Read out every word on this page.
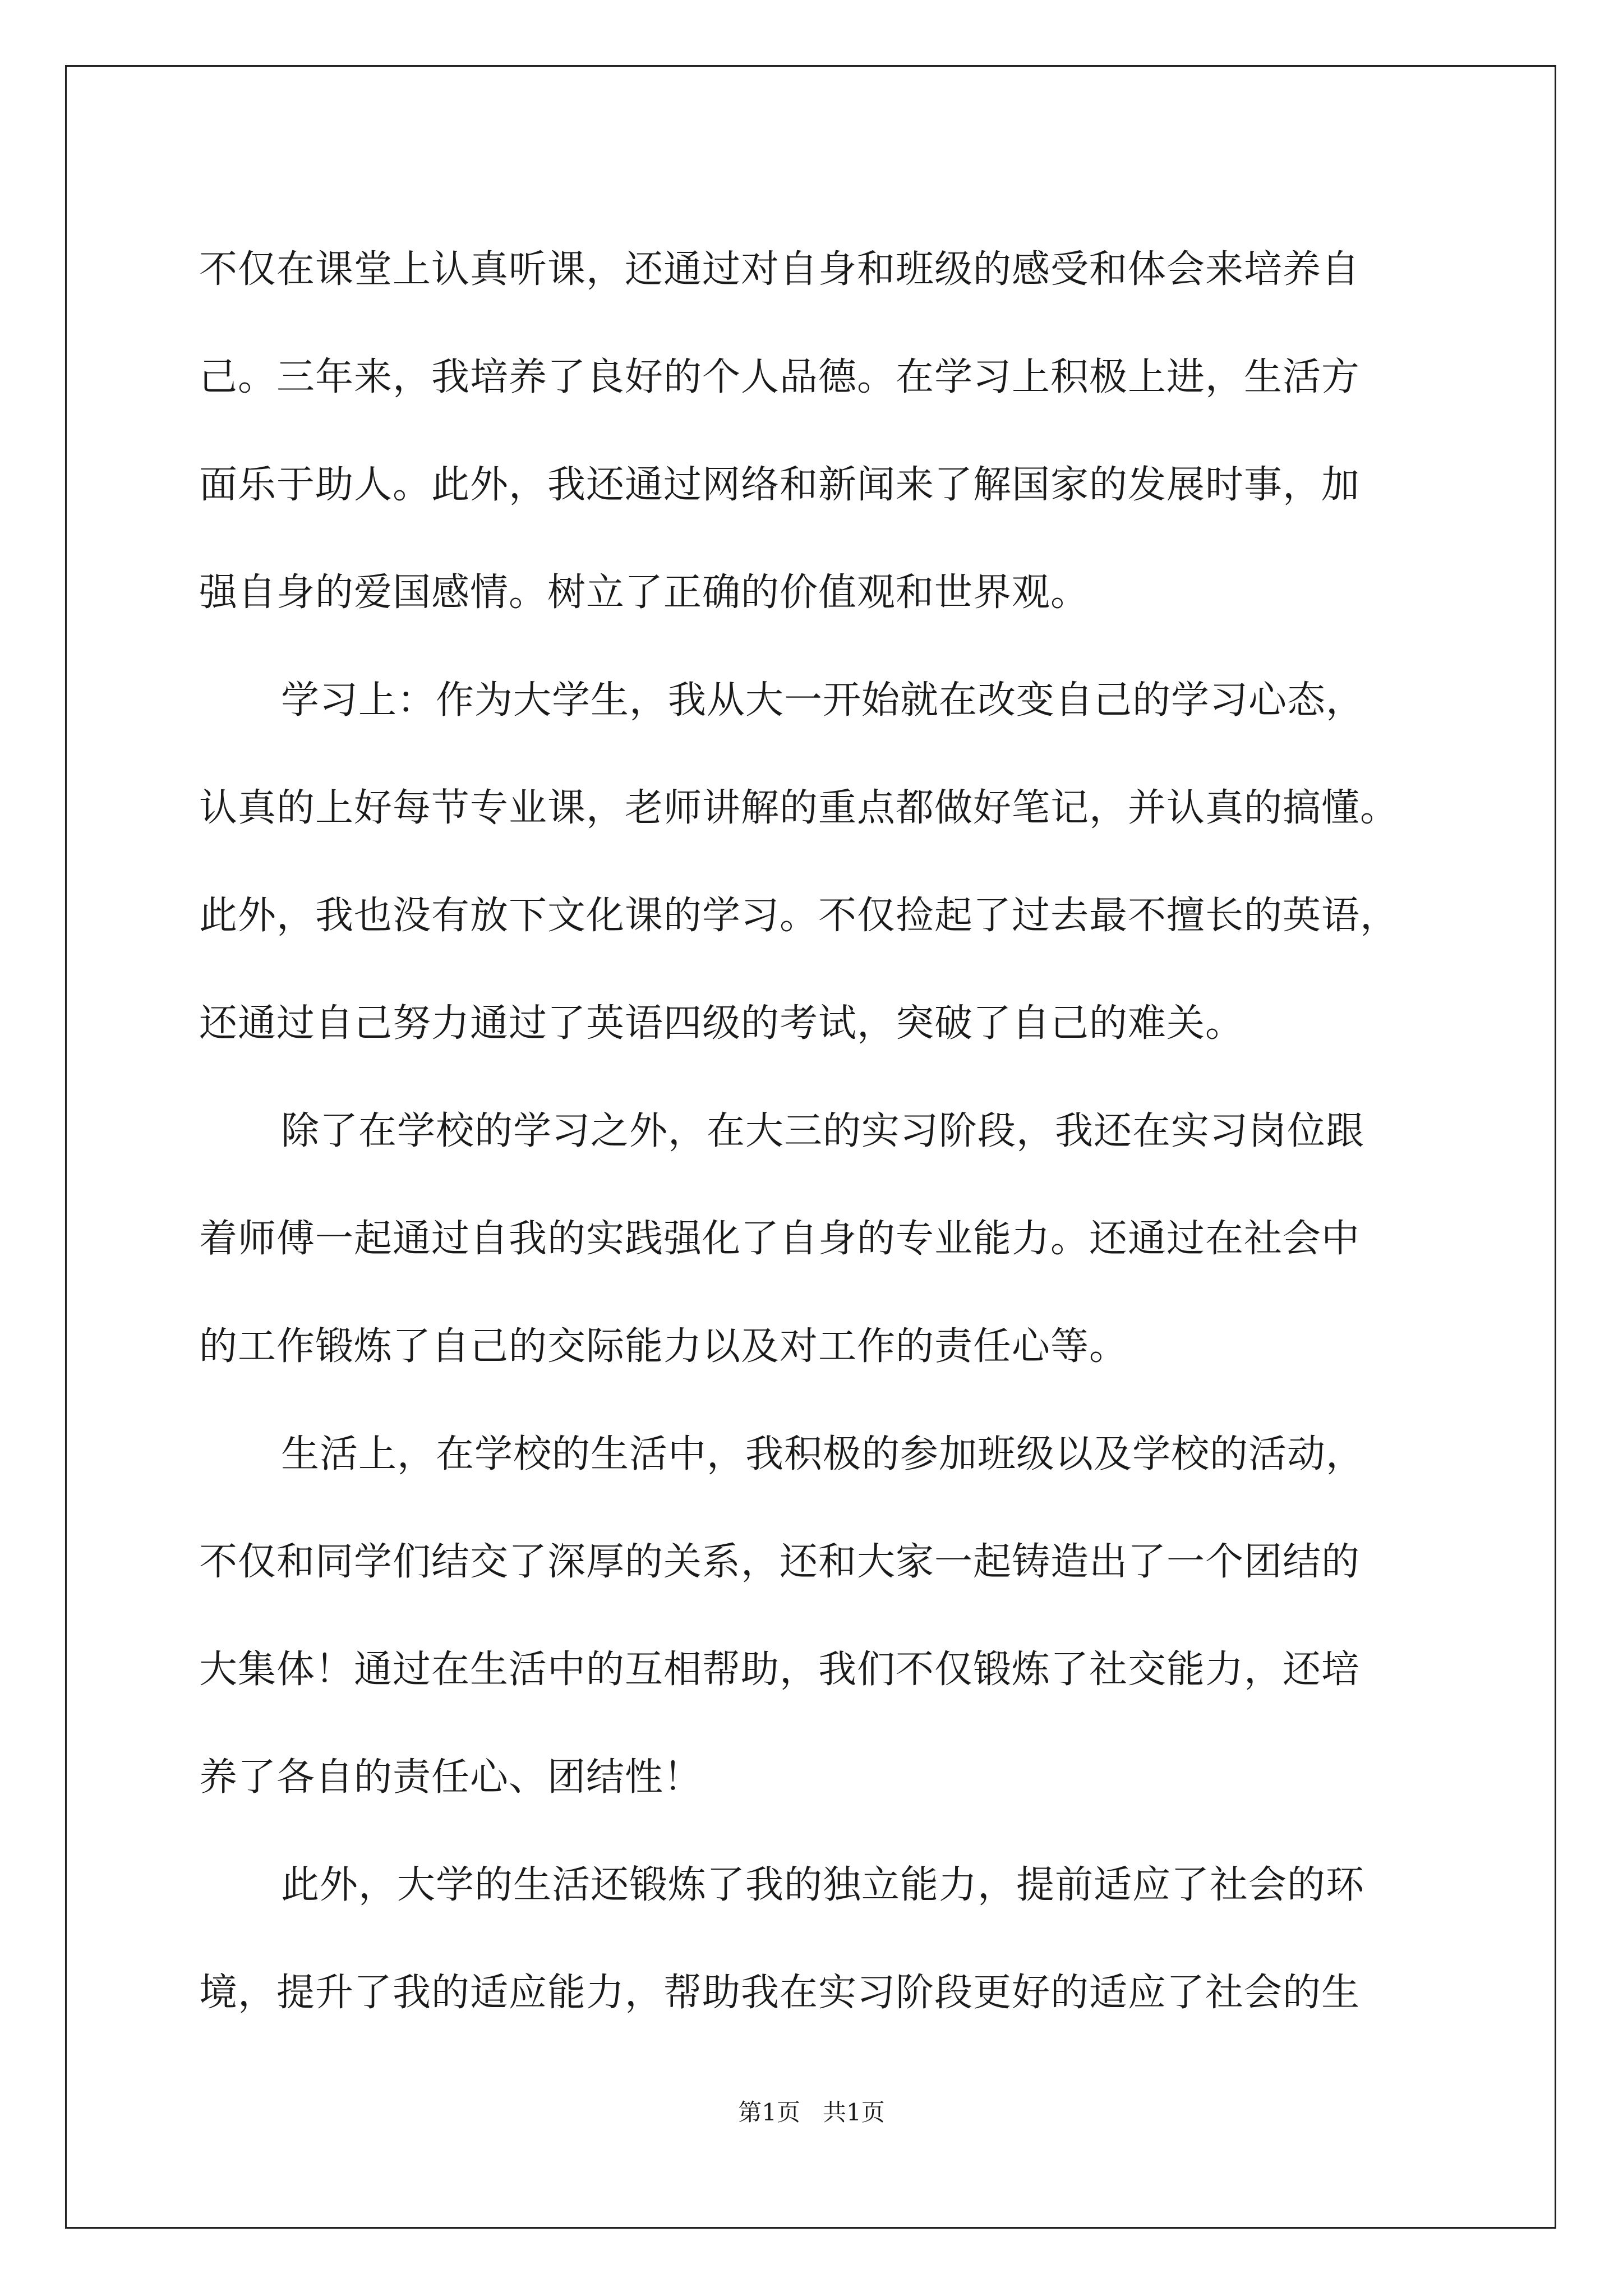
不仅在课堂上认真听课，还通过对自身和班级的感受和体会来培养自
己。三年来，我培养了良好的个人品德。在学习上积极上进，生活方
面乐于助人。此外，我还通过网络和新闻来了解国家的发展时事，加
强自身的爱国感情。树立了正确的价值观和世界观。
学习上：作为大学生，我从大一开始就在改变自己的学习心态，
认真的上好每节专业课，老师讲解的重点都做好笔记，并认真的搞懂。
此外，我也没有放下文化课的学习。不仅捡起了过去最不擅长的英语，
还通过自己努力通过了英语四级的考试，突破了自己的难关。
除了在学校的学习之外，在大三的实习阶段，我还在实习岗位跟
着师傅一起通过自我的实践强化了自身的专业能力。还通过在社会中
的工作锻炼了自己的交际能力以及对工作的责任心等。
生活上，在学校的生活中，我积极的参加班级以及学校的活动，
不仅和同学们结交了深厚的关系，还和大家一起铸造出了一个团结的
大集体！通过在生活中的互相帮助，我们不仅锻炼了社交能力，还培
养了各自的责任心、团结性！
此外，大学的生活还锻炼了我的独立能力，提前适应了社会的环
境，提升了我的适应能力，帮助我在实习阶段更好的适应了社会的生
第1页   共1页
